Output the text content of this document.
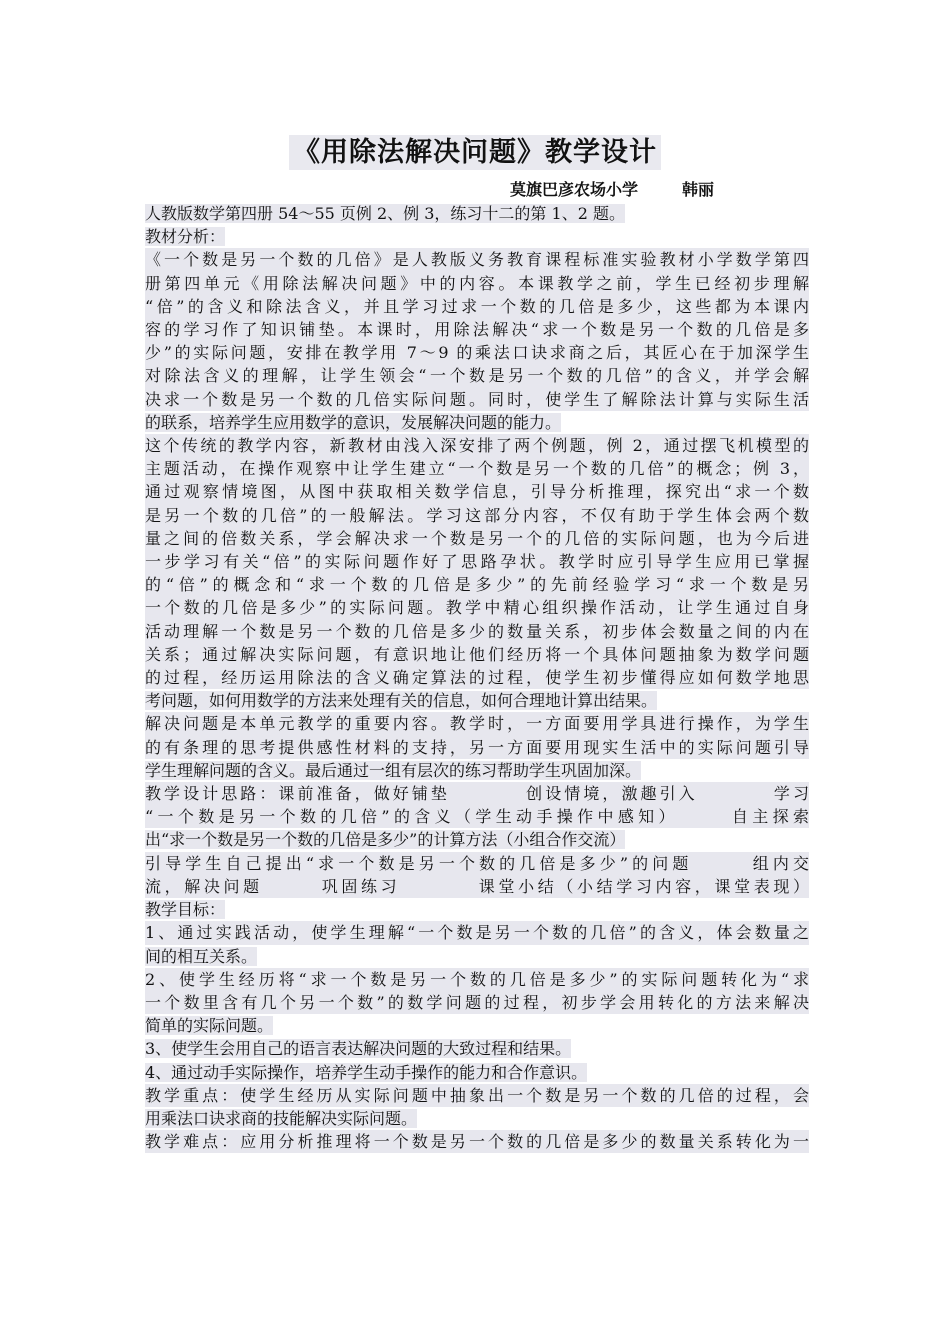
《用除法解决问题》教学设计
莫旗巴彦农场小学	韩丽
人教版数学第四册 54～55 页例 2、例 3，练习十二的第 1、2 题。
教材分析：
《一个数是另一个数的几倍》是人教版义务教育课程标准实验教材小学数学第四
册第四单元《用除法解决问题》中的内容。本课教学之前，学生已经初步理解
“倍”的含义和除法含义，并且学习过求一个数的几倍是多少，这些都为本课内
容的学习作了知识铺垫。本课时，用除法解决“求一个数是另一个数的几倍是多
少”的实际问题，安排在教学用 7～9 的乘法口诀求商之后，其匠心在于加深学生
对除法含义的理解，让学生领会“一个数是另一个数的几倍”的含义，并学会解
决求一个数是另一个数的几倍实际问题。同时，使学生了解除法计算与实际生活
的联系，培养学生应用数学的意识，发展解决问题的能力。
这个传统的教学内容，新教材由浅入深安排了两个例题，例 2，通过摆飞机模型的
主题活动，在操作观察中让学生建立“一个数是另一个数的几倍”的概念；例 3，
通过观察情境图，从图中获取相关数学信息，引导分析推理，探究出“求一个数
是另一个数的几倍”的一般解法。学习这部分内容，不仅有助于学生体会两个数
量之间的倍数关系，学会解决求一个数是另一个的几倍的实际问题，也为今后进
一步学习有关“倍”的实际问题作好了思路孕状。教学时应引导学生应用已掌握
的“倍”的概念和“求一个数的几倍是多少”的先前经验学习“求一个数是另
一个数的几倍是多少”的实际问题。教学中精心组织操作活动，让学生通过自身
活动理解一个数是另一个数的几倍是多少的数量关系，初步体会数量之间的内在
关系；通过解决实际问题，有意识地让他们经历将一个具体问题抽象为数学问题
的过程，经历运用除法的含义确定算法的过程，使学生初步懂得应如何数学地思
考问题，如何用数学的方法来处理有关的信息，如何合理地计算出结果。
解决问题是本单元教学的重要内容。教学时，一方面要用学具进行操作，为学生
的有条理的思考提供感性材料的支持，另一方面要用现实生活中的实际问题引导
学生理解问题的含义。最后通过一组有层次的练习帮助学生巩固加深。
教学设计思路：课前准备，做好铺垫　　　　创设情境，激趣引入　　　　学习
“一个数是另一个数的几倍”的含义（学生动手操作中感知）　　　自主探索
出“求一个数是另一个数的几倍是多少”的计算方法（小组合作交流）
引导学生自己提出“求一个数是另一个数的几倍是多少”的问题　　　组内交
流，解决问题　　　巩固练习　　　　课堂小结（小结学习内容，课堂表现）
教学目标：
1、通过实践活动，使学生理解“一个数是另一个数的几倍”的含义，体会数量之
间的相互关系。
2、使学生经历将“求一个数是另一个数的几倍是多少”的实际问题转化为“求
一个数里含有几个另一个数”的数学问题的过程，初步学会用转化的方法来解决
简单的实际问题。
3、使学生会用自己的语言表达解决问题的大致过程和结果。
4、通过动手实际操作，培养学生动手操作的能力和合作意识。
教学重点：使学生经历从实际问题中抽象出一个数是另一个数的几倍的过程，会
用乘法口诀求商的技能解决实际问题。
教学难点：应用分析推理将一个数是另一个数的几倍是多少的数量关系转化为一
